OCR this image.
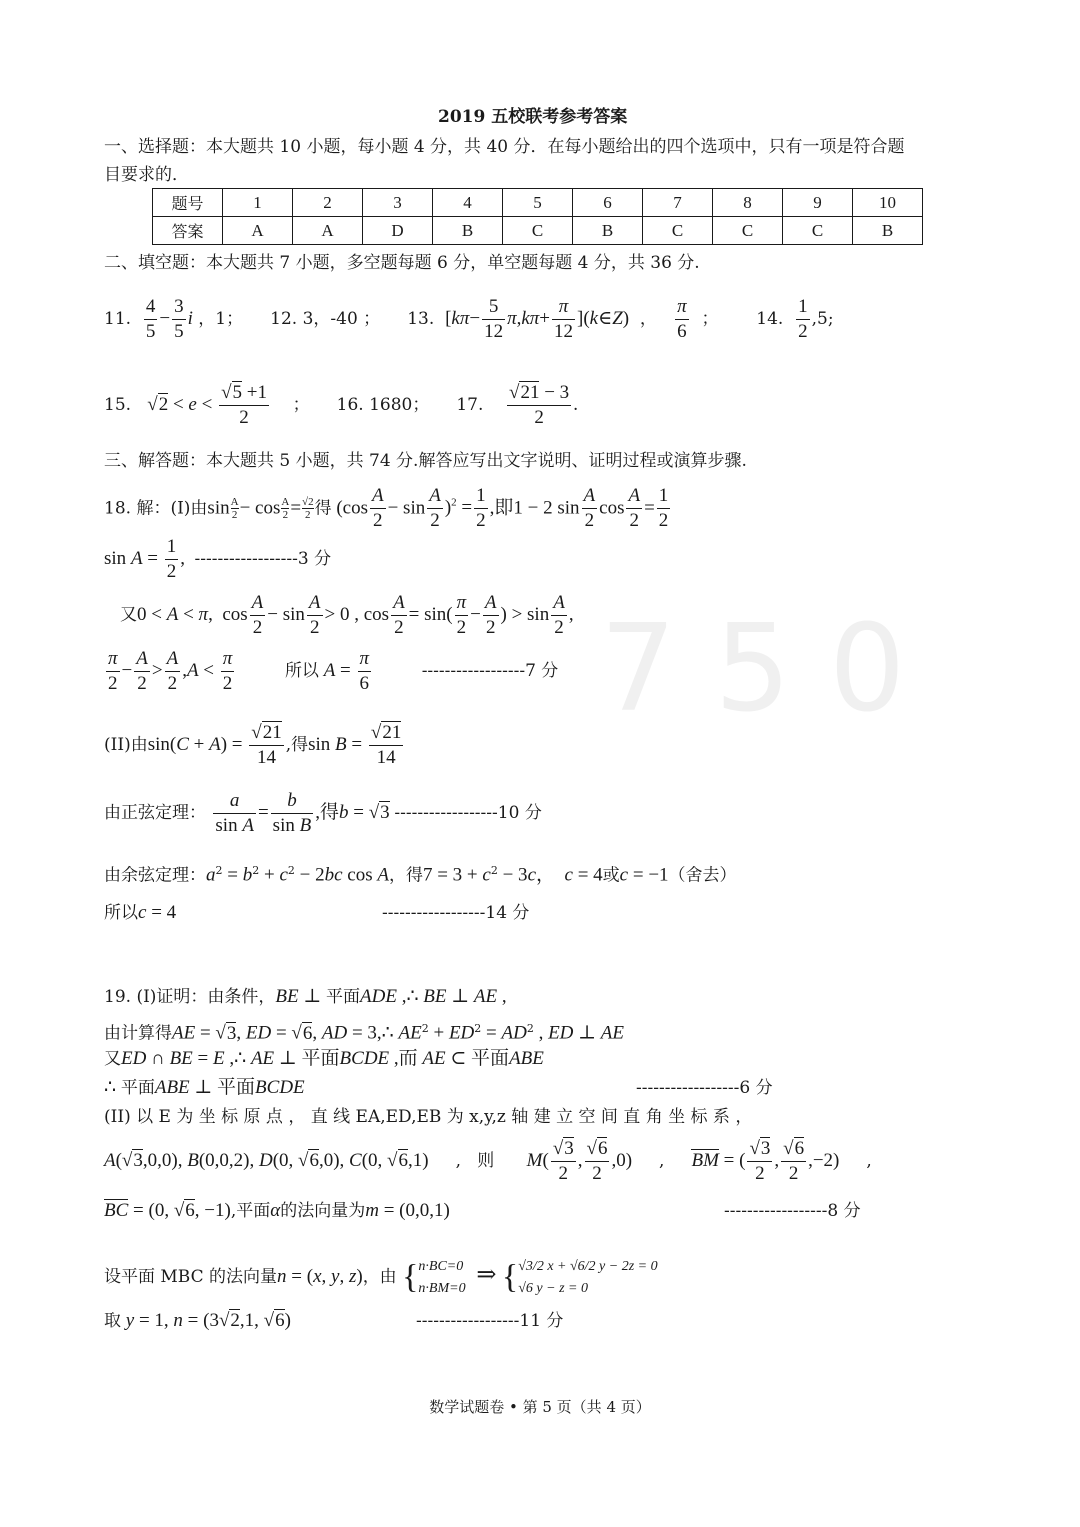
7 5 0
2019 五校联考参考答案
一、选择题：本大题共 10 小题，每小题 4 分，共 40 分．在每小题给出的四个选项中，只有一项是符合题
目要求的．
题号	1	2	3	4	5	6	7	8	9	10
答案	A	A	D	B	C	B	C	C	C	B
二、填空题：本大题共 7 小题，多空题每题 6 分，单空题每题 4 分，共 36 分.
11. $\frac{4}{5} - \frac{3}{5}$ i ，1； 12. 3，-40 ； 13. [$k\pi- \frac{5}{12} \pi,k\pi+ \frac{\pi}{12}$ ](k∈Z) ， $\frac{\pi}{6}$ ；       14. $\frac{1}{2} ,5$;
15. $√2 < e < \frac{√5 +1}{2}$ ；     16. 1680； 17. $\frac{√21 - 3}{2}$ .
三、解答题：本大题共 5 小题，共 74 分.解答应写出文字说明、证明过程或演算步骤.
18. 解：(I)由$\sin \frac{A}{2} - \cos \frac{A}{2} = \frac{√2}{2}$ 得 $(\cos \frac{A}{2} - \sin \frac{A}{2} )^2 = \frac{1}{2}$ ,即1 − 2 $\sin \frac{A}{2}$ $\cos \frac{A}{2} = \frac{1}{2}$
$\sin A = \frac{1}{2}$ ,  ------------------3 分
又0 < A < π,  $\cos \frac{A}{2} - \sin \frac{A}{2} > 0$ , $\cos \frac{A}{2} = \sin( \frac{\pi}{2} - \frac{A}{2}$ ) > $\sin \frac{A}{2}$ ,
$\frac{\pi}{2} - \frac{A}{2} > \frac{A}{2} ,A < \frac{\pi}{2}$	所以 $A = \frac{\pi}{6}$	------------------7 分
(II)由$\sin(C + A) = \frac{√21}{14}$ ,得$\sin B = \frac{√21}{14}$
由正弦定理： $\frac{a}{\text{sin A}} = \frac{b}{\text{sin B}}$ ,得b = √3 ------------------10 分
由余弦定理：$a^2 = b^2 + c^2 - 2bc$ cos A，得$7 = 3 + c^2 - 3c$，  c = 4或c = −1（舍去）
所以c = 4	------------------14 分
19. (I)证明：由条件，BE ⊥ 平面ADE ,∴ BE ⊥ AE ,
由计算得AE = √3, ED = √6, AD = 3,∴ $AE^2 + ED^2 = AD^2$ , ED ⊥ AE
又ED ∩ BE = E ,∴ AE ⊥ 平面BCDE ,而 AE ⊂ 平面ABE
∴ 平面ABE ⊥ 平面BCDE	------------------6 分
(II) 以 E 为 坐 标 原 点 ， 直 线 EA,ED,EB 为 x,y,z 轴 建 立 空 间 直 角 坐 标 系 ，
A(√3,0,0), B(0,0,2), D(0, √6,0), C(0, √6,1)     ,   则 $M( \frac{√3}{2}$ , $\frac{√6}{2} ,0$)     ,     BM = ( $\frac{√3}{2}$ , $\frac{√6}{2} ,-2$)     ,
BC = (0, √6, −1),平面α的法向量为m = (0,0,1)	------------------8 分
设平面 MBC 的法向量n = (x, y, z)，由 { n·BC=0
n·BM=0 ⇒ { √3/2 x + √6/2 y − 2z = 0
√6 y − z = 0
取 y = 1, n = (3√2,1, √6)	------------------11 分
数学试题卷 • 第 5 页（共 4 页）
